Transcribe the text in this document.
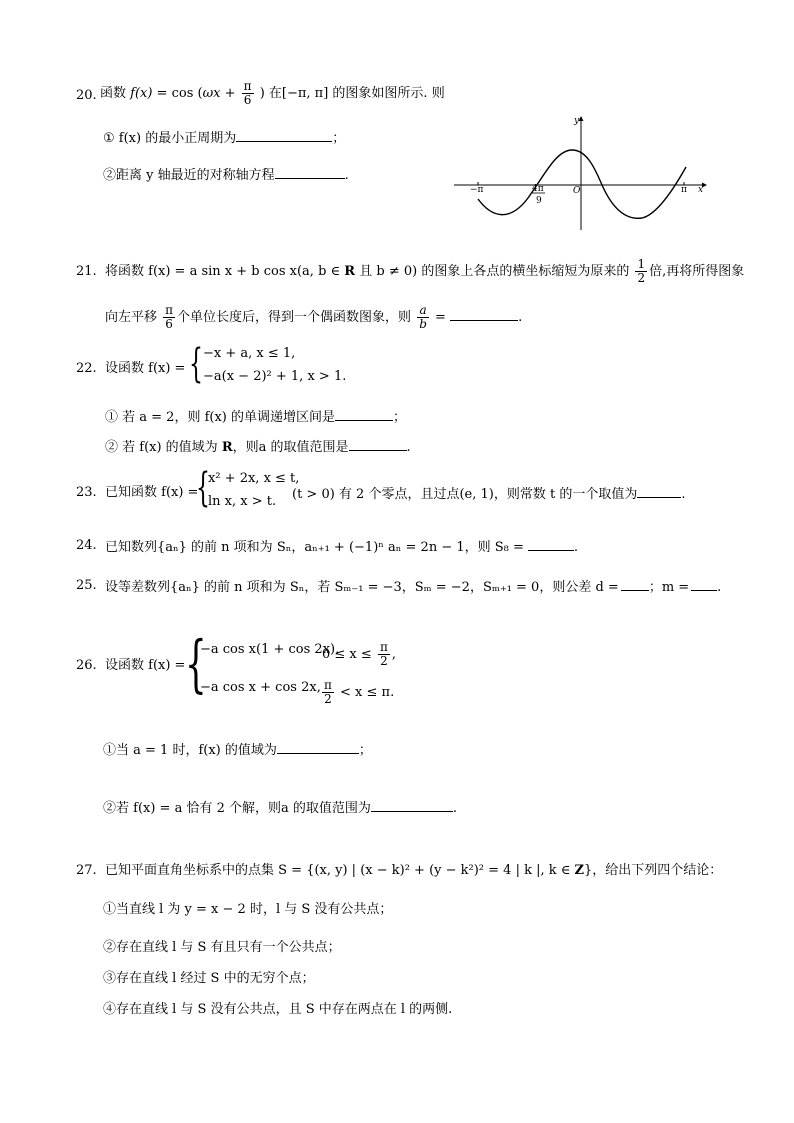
20. 函数 $f(x) = \cos (\omega x + \frac{\pi}{6}$ ) 在[−π, π] 的图象如图所示. 则
① f(x) 的最小正周期为	；
②距离 y 轴最近的对称轴方程	.
y
x
O
−π	π
4π
9
21. 将函数 f(x) = a sin x + b cos x(a, b ∈ R 且 b ≠ 0) 的图象上各点的横坐标缩短为原来的 $\frac{1}{2}$ 倍,再将所得图象
向左平移 $\frac{\pi}{6}$ 个单位长度后，得到一个偶函数图象，则 $\frac{a}{b}$ =	.
22. 设函数 f(x) = { −x + a, x ≤ 1,
−a(x − 2)² + 1, x > 1.
① 若 a = 2，则 f(x) 的单调递增区间是	；
② 若 f(x) 的值域为 R，则a 的取值范围是	.
23. 已知函数 f(x) =
{
x² + 2x, x ≤ t,
ln x, x > t. (t > 0) 有 2 个零点，且过点(e, 1)，则常数 t 的一个取值为	.
24. 已知数列{aₙ} 的前 n 项和为 Sₙ，aₙ₊₁ + (−1)ⁿ aₙ = 2n − 1，则 S₈ =	.
25. 设等差数列{aₙ} 的前 n 项和为 Sₙ，若 Sₘ₋₁ = −3，Sₘ = −2，Sₘ₊₁ = 0，则公差 d = ；m = .
26. 设函数 f(x) = {
−a cos x(1 + cos 2x),
$0 \le x \le \frac{\pi}{2}$ ,
−a cos x + cos 2x, $\frac{\pi}{2} < x \le \pi$.
①当 a = 1 时，f(x) 的值域为	；
②若 f(x) = a 恰有 2 个解，则a 的取值范围为	.
27. 已知平面直角坐标系中的点集 S = {(x, y) | (x − k)² + (y − k²)² = 4 | k |, k ∈ Z}，给出下列四个结论：
①当直线 l 为 y = x − 2 时，l 与 S 没有公共点；
②存在直线 l 与 S 有且只有一个公共点；
③存在直线 l 经过 S 中的无穷个点；
④存在直线 l 与 S 没有公共点，且 S 中存在两点在 l 的两侧.
